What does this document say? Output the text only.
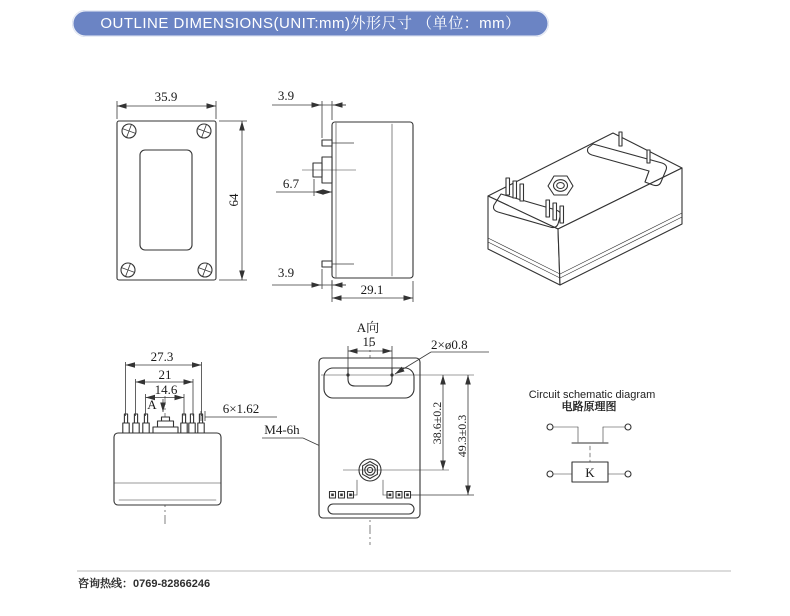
OUTLINE DIMENSIONS(UNIT:mm)外形尺寸 （单位：mm）
35.9
64
3.9
6.7
3.9
29.1
27.3
21
14.6
A	6×1.62
M4-6h
A向
15	2×ø0.8
38.6±0.2 49.3±0.3
Circuit schematic diagram
电路原理图
K
咨询热线：0769-82866246
